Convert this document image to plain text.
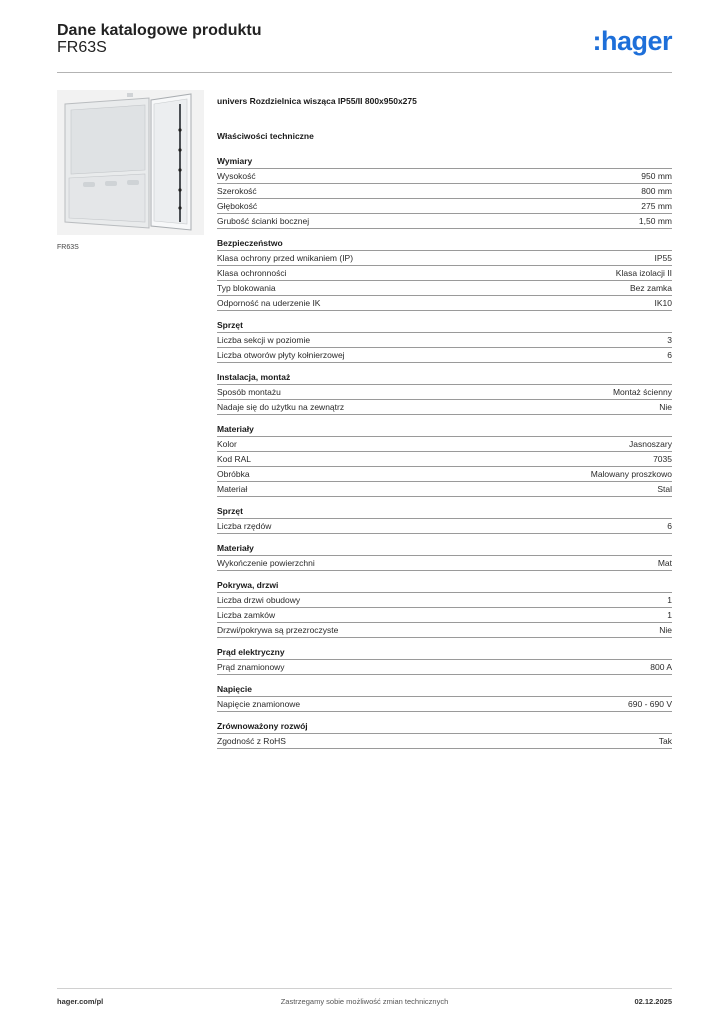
Dane katalogowe produktu
FR63S	:hager
FR63S
univers Rozdzielnica wisząca IP55/II 800x950x275
Właściwości techniczne
Wymiary
Wysokość	950 mm
Szerokość	800 mm
Głębokość	275 mm
Grubość ścianki bocznej	1,50 mm
Bezpieczeństwo
Klasa ochrony przed wnikaniem (IP)	IP55
Klasa ochronności	Klasa izolacji II
Typ blokowania	Bez zamka
Odporność na uderzenie IK	IK10
Sprzęt
Liczba sekcji w poziomie	3
Liczba otworów płyty kołnierzowej	6
Instalacja, montaż
Sposób montażu	Montaż ścienny
Nadaje się do użytku na zewnątrz	Nie
Materiały
Kolor	Jasnoszary
Kod RAL	7035
Obróbka	Malowany proszkowo
Materiał	Stal
Sprzęt
Liczba rzędów	6
Materiały
Wykończenie powierzchni	Mat
Pokrywa, drzwi
Liczba drzwi obudowy	1
Liczba zamków	1
Drzwi/pokrywa są przezroczyste	Nie
Prąd elektryczny
Prąd znamionowy	800 A
Napięcie
Napięcie znamionowe	690 - 690 V
Zrównoważony rozwój
Zgodność z RoHS	Tak
hager.com/pl	Zastrzegamy sobie możliwość zmian technicznych	02.12.2025
